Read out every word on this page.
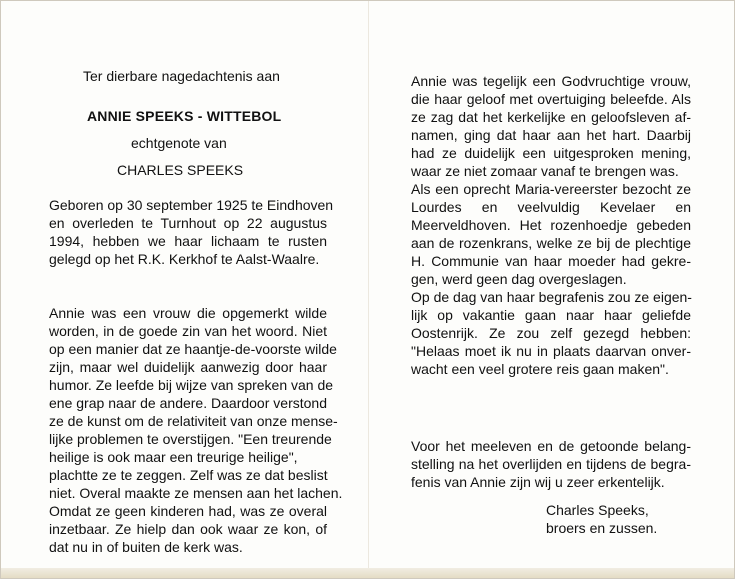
Ter dierbare nagedachtenis aan
ANNIE SPEEKS - WITTEBOL
echtgenote van
CHARLES SPEEKS
Geboren op 30 september 1925 te Eindhoven
en overleden te Turnhout op 22 augustus
1994, hebben we haar lichaam te rusten
gelegd op het R.K. Kerkhof te Aalst-Waalre.
Annie was een vrouw die opgemerkt wilde
worden, in de goede zin van het woord. Niet
op een manier dat ze haantje-de-voorste wilde
zijn, maar wel duidelijk aanwezig door haar
humor. Ze leefde bij wijze van spreken van de
ene grap naar de andere. Daardoor verstond
ze de kunst om de relativiteit van onze mense-
lijke problemen te overstijgen. "Een treurende
heilige is ook maar een treurige heilige",
plachtte ze te zeggen. Zelf was ze dat beslist
niet. Overal maakte ze mensen aan het lachen.
Omdat ze geen kinderen had, was ze overal
inzetbaar. Ze hielp dan ook waar ze kon, of
dat nu in of buiten de kerk was.
Annie was tegelijk een Godvruchtige vrouw,
die haar geloof met overtuiging beleefde. Als
ze zag dat het kerkelijke en geloofsleven af-
namen, ging dat haar aan het hart. Daarbij
had ze duidelijk een uitgesproken mening,
waar ze niet zomaar vanaf te brengen was.
Als een oprecht Maria-vereerster bezocht ze
Lourdes en veelvuldig Kevelaer en
Meerveldhoven. Het rozenhoedje gebeden
aan de rozenkrans, welke ze bij de plechtige
H. Communie van haar moeder had gekre-
gen, werd geen dag overgeslagen.
Op de dag van haar begrafenis zou ze eigen-
lijk op vakantie gaan naar haar geliefde
Oostenrijk. Ze zou zelf gezegd hebben:
"Helaas moet ik nu in plaats daarvan onver-
wacht een veel grotere reis gaan maken".
Voor het meeleven en de getoonde belang-
stelling na het overlijden en tijdens de begra-
fenis van Annie zijn wij u zeer erkentelijk.
Charles Speeks,
broers en zussen.
